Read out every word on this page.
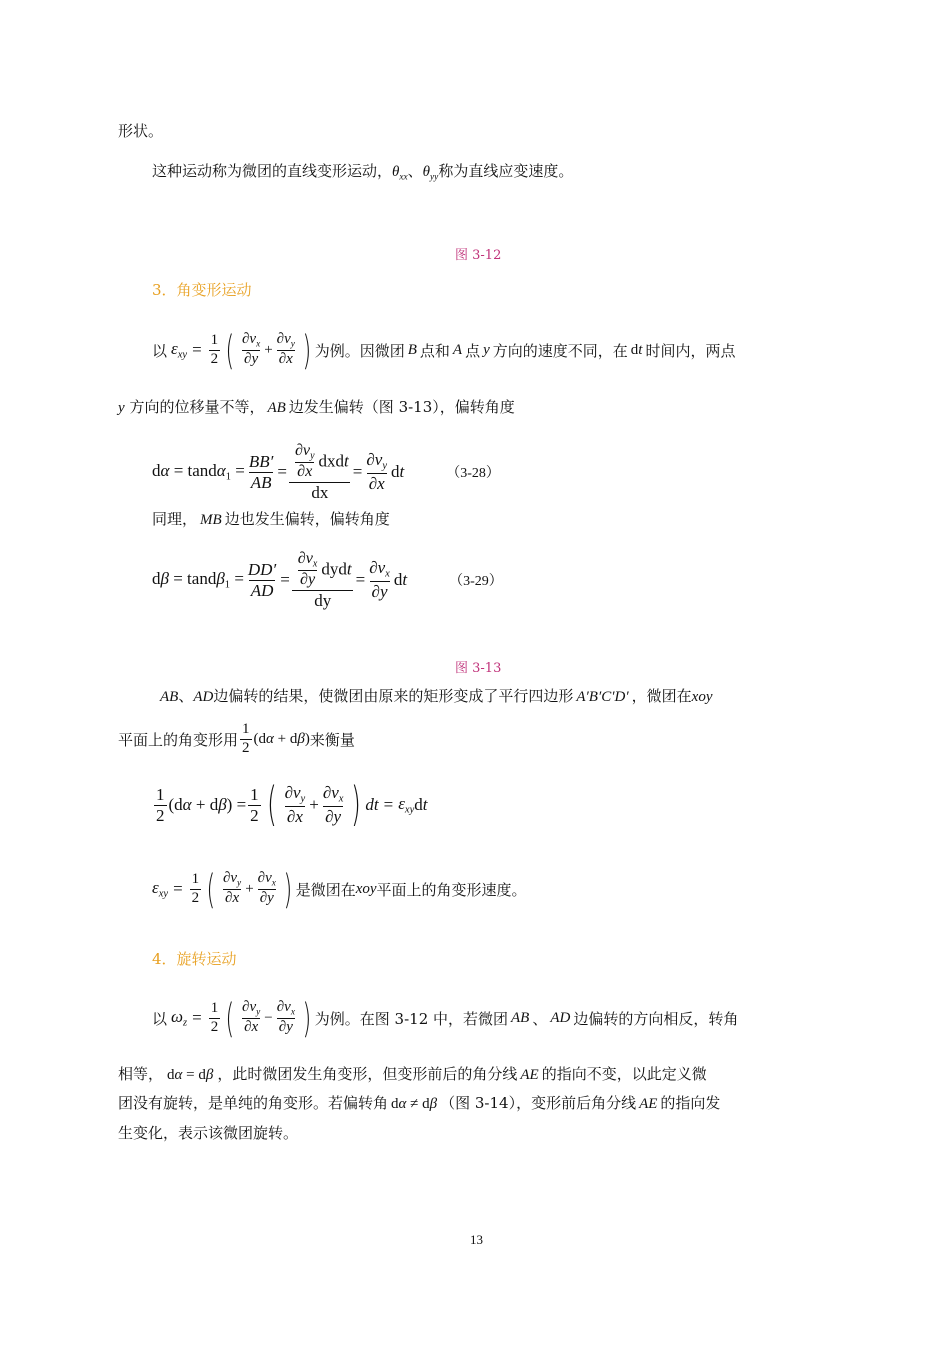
形状。
这种运动称为微团的直线变形运动，$\theta_{xx}$、$\theta_{yy}$称为直线应变速度。
图 3-12
3．角变形运动
以 $\varepsilon_{xy} = \frac{1}{2}$ ( $\frac{\partial v_x}{\partial y} + \frac{\partial v_y}{\partial x}$ ) 为例。因微团 B 点和 A 点 y 方向的速度不同，在 dt 时间内，两点
y 方向的位移量不等， AB 边发生偏转（图 3-13），偏转角度
$d\alpha = \tan d\alpha_1 = \frac{BB'}{AB} = \frac{\frac{\partial v_y}{\partial x} dxdt}{dx} = \frac{\partial v_y}{\partial x}$ dt	（3-28）
同理， MB 边也发生偏转，偏转角度
$d\beta = \tan d\beta_1 = \frac{DD'}{AD} = \frac{\frac{\partial v_x}{\partial y} dydt}{dy} = \frac{\partial v_x}{\partial y}$ dt	（3-29）
图 3-13
AB、AD边偏转的结果，使微团由原来的矩形变成了平行四边形 A′B′C′D′ ，微团在xoy
平面上的角变形用 $\frac{1}{2} (d\alpha + d\beta)$ 来衡量
$\frac{1}{2} (d\alpha + d\beta) = \frac{1}{2}$ ( $\frac{\partial v_y}{\partial x} + \frac{\partial v_x}{\partial y}$ ) dt = $\varepsilon_{xy}$ dt
$\varepsilon_{xy} = \frac{1}{2}$ ( $\frac{\partial v_y}{\partial x} + \frac{\partial v_x}{\partial y}$ ) 是微团在 xoy 平面上的角变形速度。
4．旋转运动
以 $\omega_z = \frac{1}{2}$ ( $\frac{\partial v_y}{\partial x} - \frac{\partial v_x}{\partial y}$ ) 为例。在图 3-12 中，若微团 AB 、 AD 边偏转的方向相反，转角
相等， dα = dβ ，此时微团发生角变形，但变形前后的角分线 AE 的指向不变，以此定义微
团没有旋转，是单纯的角变形。若偏转角 dα ≠ dβ （图 3-14），变形前后角分线 AE 的指向发
生变化，表示该微团旋转。
13
